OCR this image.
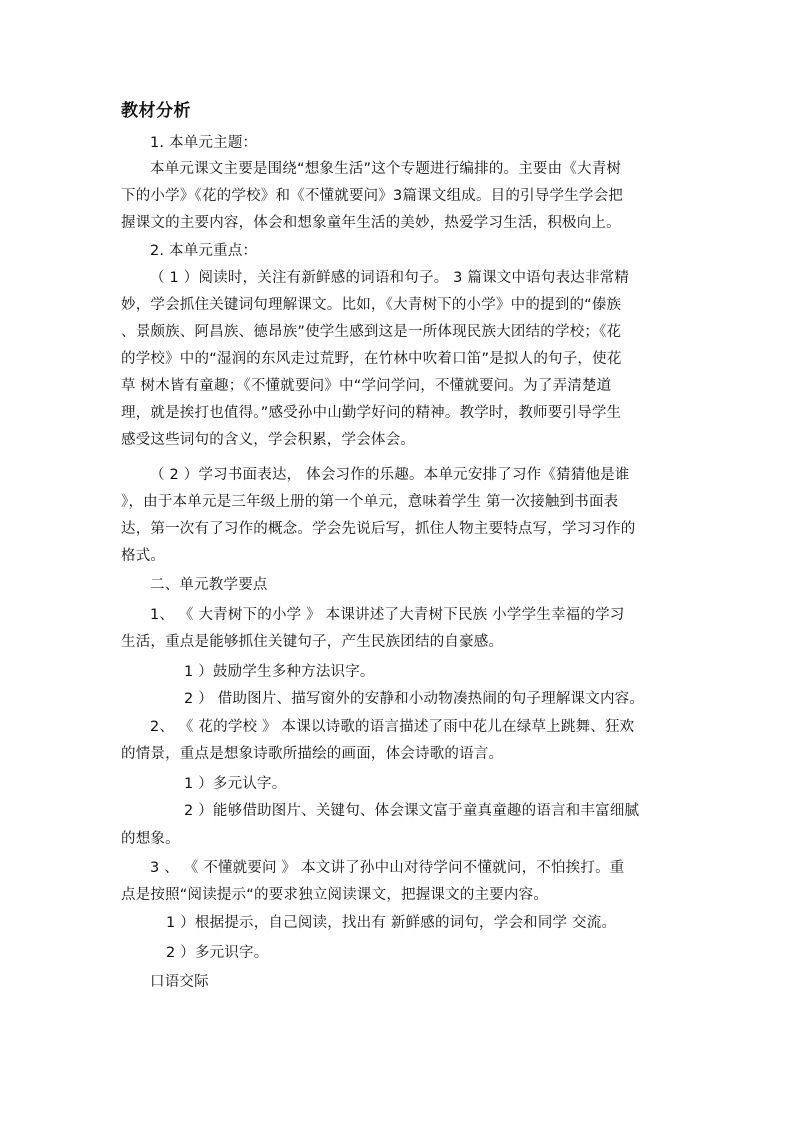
教材分析
1. 本单元主题：
本单元课文主要是围绕“想象生活”这个专题进行编排的。主要由《大青树
下的小学》《花的学校》和《不懂就要问》3篇课文组成。目的引导学生学会把
握课文的主要内容，体会和想象童年生活的美妙，热爱学习生活，积极向上。
2. 本单元重点：
（ 1 ）阅读时，关注有新鲜感的词语和句子。 3 篇课文中语句表达非常精
妙，学会抓住关键词句理解课文。比如，《大青树下的小学》中的提到的“傣族
、景颇族、阿昌族、德昂族”使学生感到这是一所体现民族大团结的学校；《花
的学校》中的“湿润的东风走过荒野，在竹林中吹着口笛”是拟人的句子，使花
草 树木皆有童趣；《不懂就要问》中“学问学问，不懂就要问。为了弄清楚道
理，就是挨打也值得。”感受孙中山勤学好问的精神。教学时，教师要引导学生
感受这些词句的含义，学会积累，学会体会。
（ 2 ）学习书面表达， 体会习作的乐趣。本单元安排了习作《猜猜他是谁
》，由于本单元是三年级上册的第一个单元，意味着学生 第一次接触到书面表
达，第一次有了习作的概念。学会先说后写，抓住人物主要特点写，学习习作的
格式。
二、单元教学要点
1、 《 大青树下的小学 》 本课讲述了大青树下民族 小学学生幸福的学习
生活，重点是能够抓住关键句子，产生民族团结的自豪感。
1 ）鼓励学生多种方法识字。
2 ） 借助图片、描写窗外的安静和小动物凑热闹的句子理解课文内容。
2、 《 花的学校 》 本课以诗歌的语言描述了雨中花儿在绿草上跳舞、狂欢
的情景，重点是想象诗歌所描绘的画面，体会诗歌的语言。
1 ）多元认字。
2 ）能够借助图片、关键句、体会课文富于童真童趣的语言和丰富细腻
的想象。
3 、 《 不懂就要问 》 本文讲了孙中山对待学问不懂就问，不怕挨打。重
点是按照“阅读提示“的要求独立阅读课文，把握课文的主要内容。
1 ）根据提示，自己阅读，找出有 新鲜感的词句，学会和同学 交流。
2 ）多元识字。
口语交际
